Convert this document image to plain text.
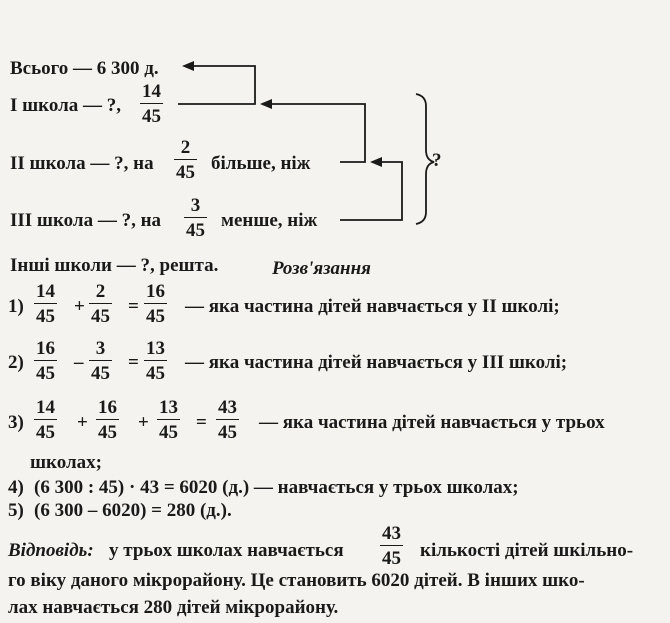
Всього — 6 300 д.
I школа — ?, $\frac{14}{45}$
II школа — ?, на $\frac{2}{45}$ більше, ніж
III школа — ?, на $\frac{3}{45}$ менше, ніж
?
Інші школи — ?, решта.	Розв'язання
$1) \frac{14}{45} + \frac{2}{45} = \frac{16}{45}$ — яка частина дітей навчається у II школі;
$2) \frac{16}{45} - \frac{3}{45} = \frac{13}{45}$ — яка частина дітей навчається у III школі;
$3) \frac{14}{45} + \frac{16}{45} + \frac{13}{45} = \frac{43}{45}$ — яка частина дітей навчається у трьох
школах;
4) (6 300 : 45) · 43 = 6020 (д.) — навчається у трьох школах;
5) (6 300 – 6020) = 280 (д.).
Відповідь: у трьох школах навчається $\frac{43}{45}$ кількості дітей шкільно-
го віку даного мікрорайону. Це становить 6020 дітей. В інших шко-
лах навчається 280 дітей мікрорайону.
